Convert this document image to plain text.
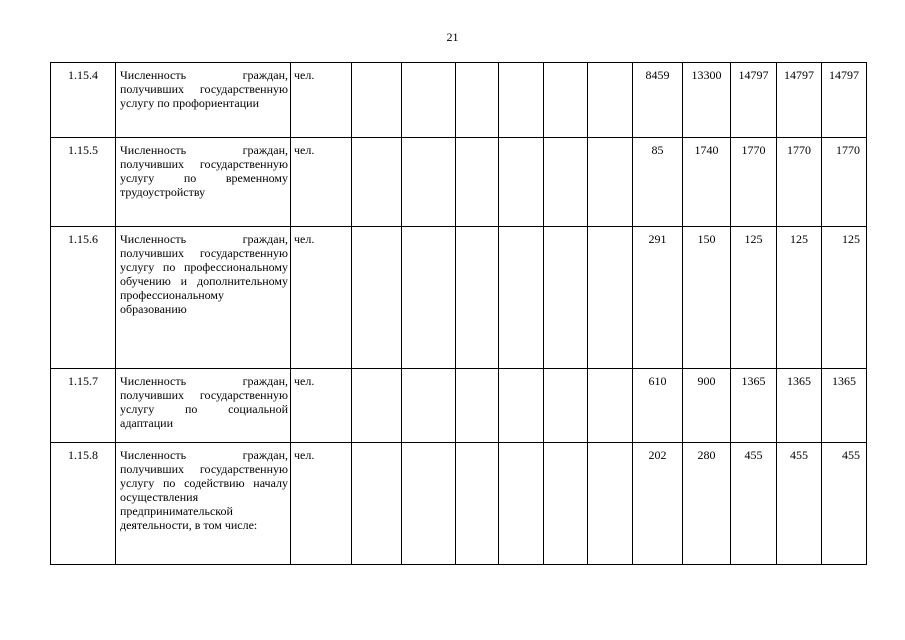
21
1.15.4	Численность граждан, получивших государственную услугу по профориентации	чел.							8459	13300	14797	14797	14797
1.15.5	Численность граждан, получивших государственную услугу по временному трудоустройству	чел.							85	1740	1770	1770	1770
1.15.6	Численность граждан, получивших государственную услугу по профессиональному обучению и дополнительному профессиональному образованию	чел.							291	150	125	125	125
1.15.7	Численность граждан, получивших государственную услугу по социальной адаптации	чел.							610	900	1365	1365	1365
1.15.8	Численность граждан, получивших государственную услугу по содействию началу осуществления предпринимательской деятельности, в том числе:	чел.							202	280	455	455	455
